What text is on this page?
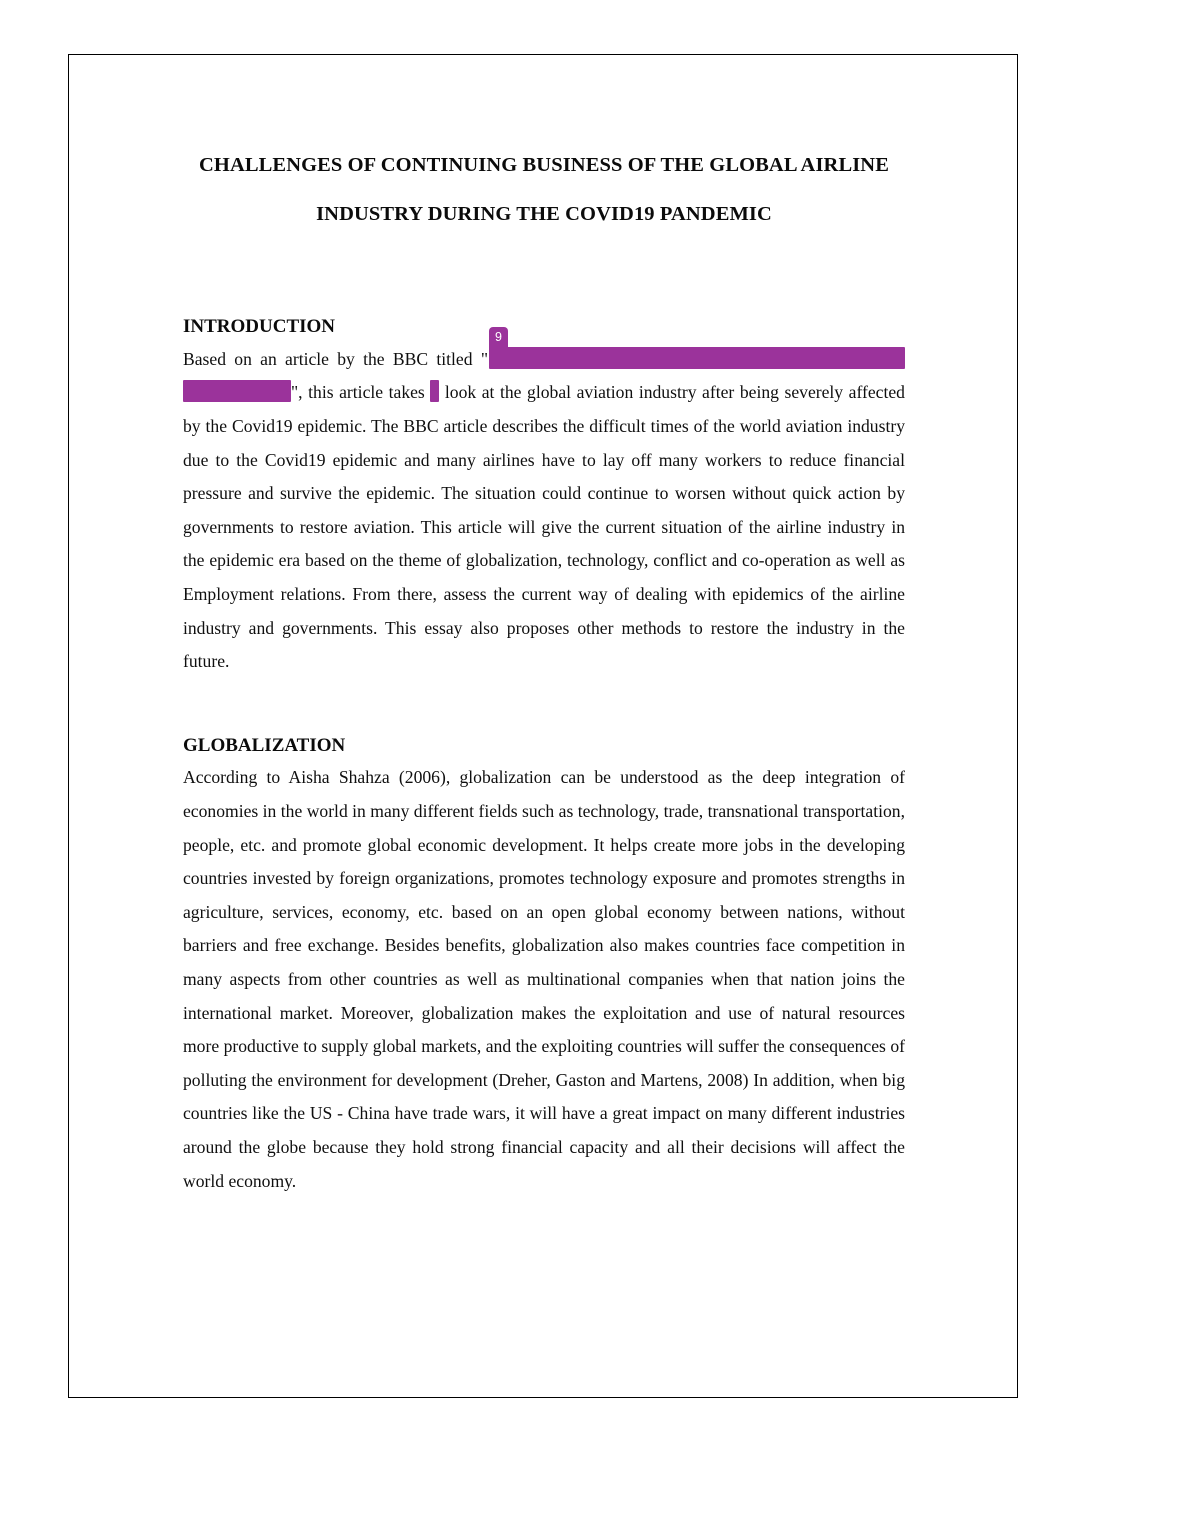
CHALLENGES OF CONTINUING BUSINESS OF THE GLOBAL AIRLINE
INDUSTRY DURING THE COVID19 PANDEMIC
INTRODUCTION

Based on an article by the BBC titled "
9
", this article takes  look at the global aviation industry after being severely affected by the Covid19 epidemic. The BBC article describes the difficult times of the world aviation industry due to the Covid19 epidemic and many airlines have to lay off many workers to reduce financial pressure and survive the epidemic. The situation could continue to worsen without quick action by governments to restore aviation. This article will give the current situation of the airline industry in the epidemic era based on the theme of globalization, technology, conflict and co-operation as well as Employment relations. From there, assess the current way of dealing with epidemics of the airline industry and governments. This essay also proposes other methods to restore the industry in the future.

GLOBALIZATION

According to Aisha Shahza (2006), globalization can be understood as the deep integration of economies in the world in many different fields such as technology, trade, transnational transportation, people, etc. and promote global economic development. It helps create more jobs in the developing countries invested by foreign organizations, promotes technology exposure and promotes strengths in agriculture, services, economy, etc. based on an open global economy between nations, without barriers and free exchange. Besides benefits, globalization also makes countries face competition in many aspects from other countries as well as multinational companies when that nation joins the international market. Moreover, globalization makes the exploitation and use of natural resources more productive to supply global markets, and the exploiting countries will suffer the consequences of polluting the environment for development (Dreher, Gaston and Martens, 2008) In addition, when big countries like the US - China have trade wars, it will have a great impact on many different industries around the globe because they hold strong financial capacity and all their decisions will affect the world economy.
